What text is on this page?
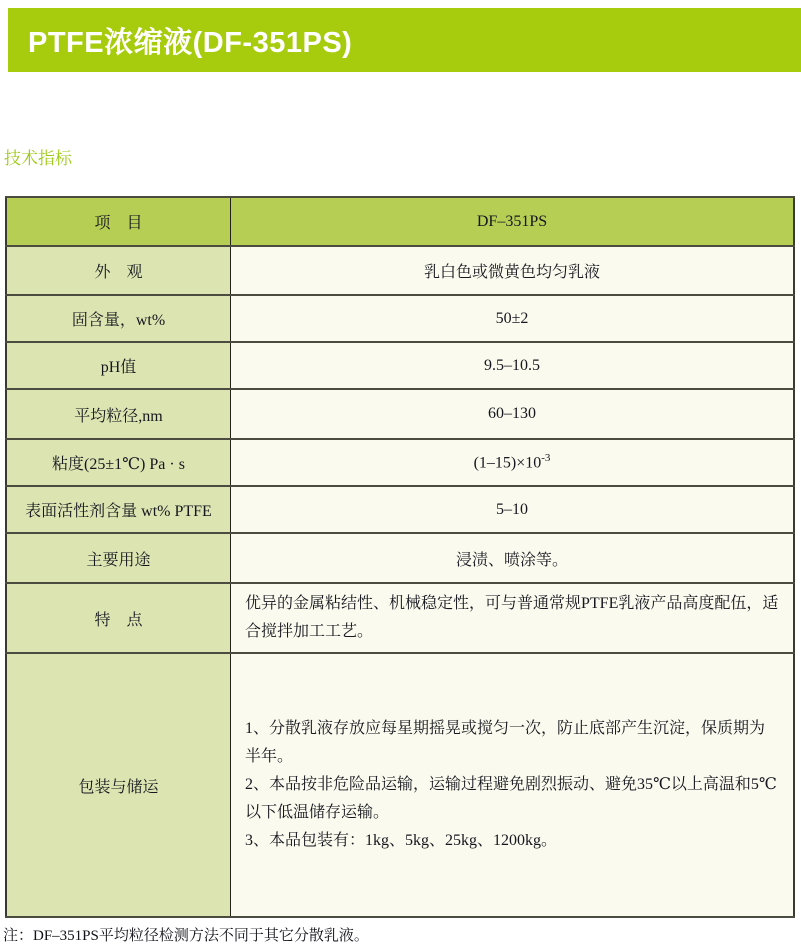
PTFE浓缩液(DF-351PS)
技术指标
项　目	DF–351PS
外　观	乳白色或微黄色均匀乳液
固含量，wt%	50±2
pH值	9.5–10.5
平均粒径,nm	60–130
粘度(25±1℃) Pa · s	$(1-15)\times 10^{-3}$
表面活性剂含量 wt% PTFE	5–10
主要用途	浸渍、喷涂等。
特　点	优异的金属粘结性、机械稳定性，可与普通常规PTFE乳液产品高度配伍，适合搅拌加工工艺。
包装与储运	1、分散乳液存放应每星期摇晃或搅匀一次，防止底部产生沉淀，保质期为半年。

2、本品按非危险品运输，运输过程避免剧烈振动、避免35℃以上高温和5℃以下低温储存运输。

3、本品包装有：1kg、5kg、25kg、1200kg。

注：DF–351PS平均粒径检测方法不同于其它分散乳液。
